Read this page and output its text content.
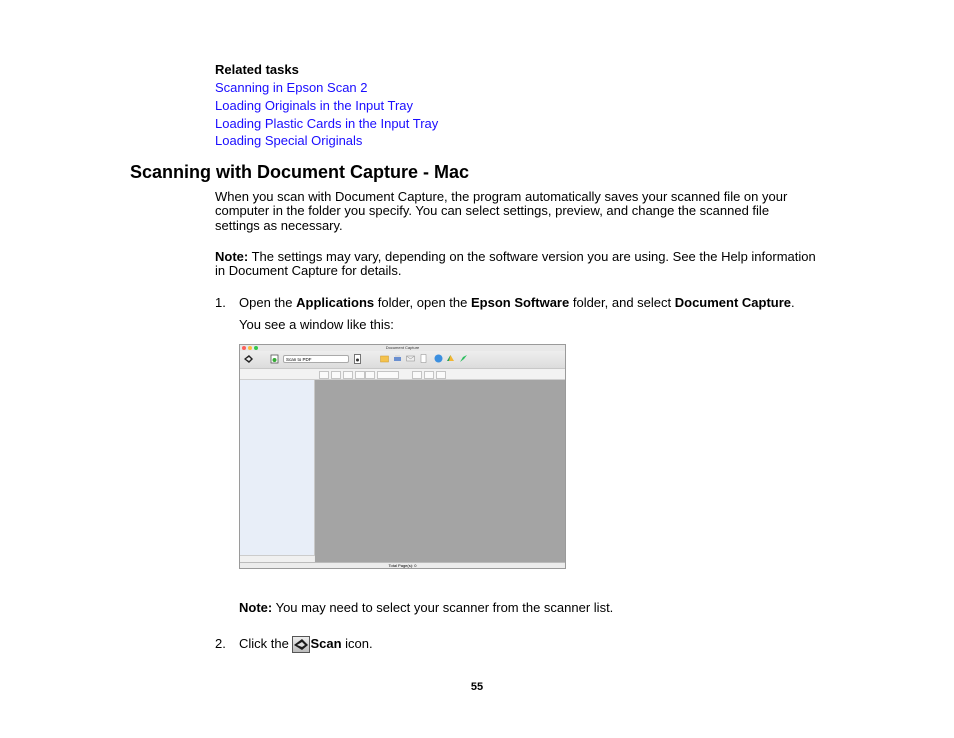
Related tasks
Scanning in Epson Scan 2
Loading Originals in the Input Tray
Loading Plastic Cards in the Input Tray
Loading Special Originals
Scanning with Document Capture - Mac
When you scan with Document Capture, the program automatically saves your scanned file on your
computer in the folder you specify. You can select settings, preview, and change the scanned file
settings as necessary.
Note: The settings may vary, depending on the software version you are using. See the Help information
in Document Capture for details.
1. Open the Applications folder, open the Epson Software folder, and select Document Capture.
You see a window like this:
Document Capture
Scan to PDF
Total Page(s): 0
Note: You may need to select your scanner from the scanner list.
2. Click the Scan icon.
55
